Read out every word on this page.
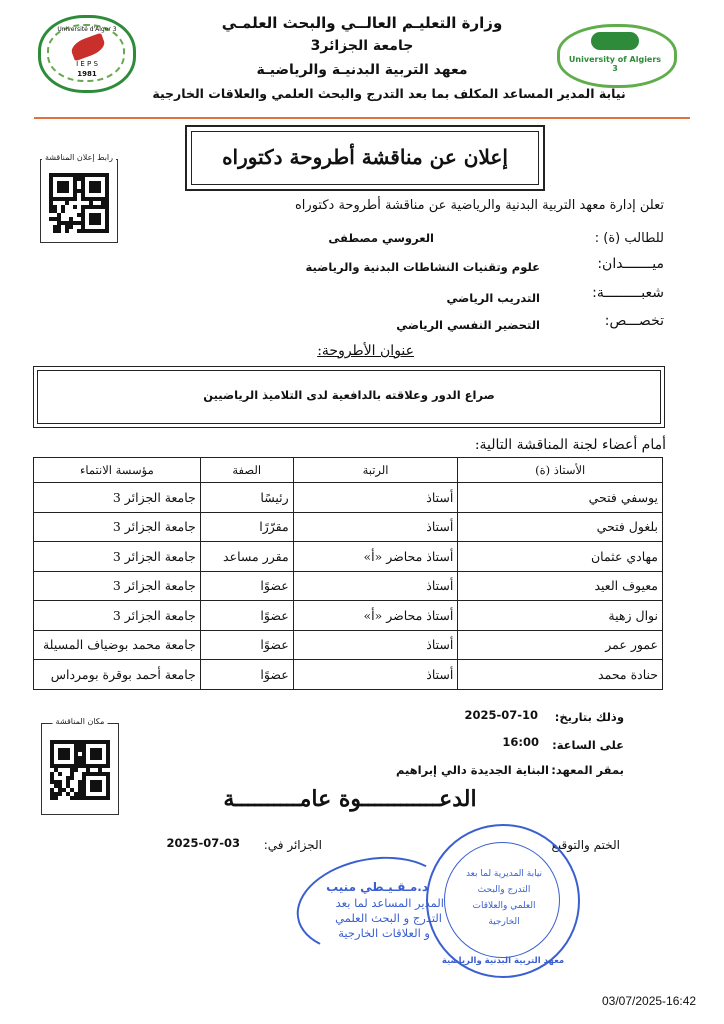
Université d'Alger 3
I E P S
1981
University of Algiers 3
وزارة التعليـم العالــي والبحث العلمـي
جامعة الجزائر3
معهد التربية البدنيـة والرياضيـة
نيابة المدير المساعد المكلف بما بعد التدرج والبحث العلمي والعلاقات الخارجية
إعلان عن مناقشة أطروحة دكتوراه
رابط إعلان المناقشة
تعلن إدارة معهد التربية البدنية والرياضية عن مناقشة أطروحة دكتوراه
للطالب (ة) :
العروسي مصطفى
ميـــــــدان:
علوم وتقنيات النشاطات البدنية والرياضية
شعبـــــــــة:
التدريب الرياضي
تخصـــص:
التحضير النفسي الرياضي
عنوان الأطروحة:
صراع الدور وعلاقته بالدافعية لدى التلاميذ الرياضيين
أمام أعضاء لجنة المناقشة التالية:
الأستاذ (ة)	الرتبة	الصفة	مؤسسة الانتماء
يوسفي فتحي	أستاذ	رئيسًا	جامعة الجزائر 3
بلغول فتحي	أستاذ	مقرّرًا	جامعة الجزائر 3
مهادي عثمان	أستاذ محاضر «أ»	مقرر مساعد	جامعة الجزائر 3
معيوف العيد	أستاذ	عضوًا	جامعة الجزائر 3
نوال زهية	أستاذ محاضر «أ»	عضوًا	جامعة الجزائر 3
عمور عمر	أستاذ	عضوًا	جامعة محمد بوضياف المسيلة
حنادة محمد	أستاذ	عضوًا	جامعة أحمد بوقرة بومرداس
مكان المناقشة	وذلك بتاريخ:
2025-07-10
على الساعة:
16:00
بمقر المعهد:
البناية الجديدة دالي إبراهيم
الدعــــــــــــوة عامــــــــــة
الختم والتوقيع
الجزائر في:
2025-07-03
معهد التربية البدنية والرياضية
نيابة المديرية لما بعد التدرج والبحث العلمي والعلاقات الخارجية
د.مـقـيـطي منيب
المدير المساعد لما بعد
التدرج و البحث العلمي
و العلاقات الخارجية
03/07/2025-16:42
